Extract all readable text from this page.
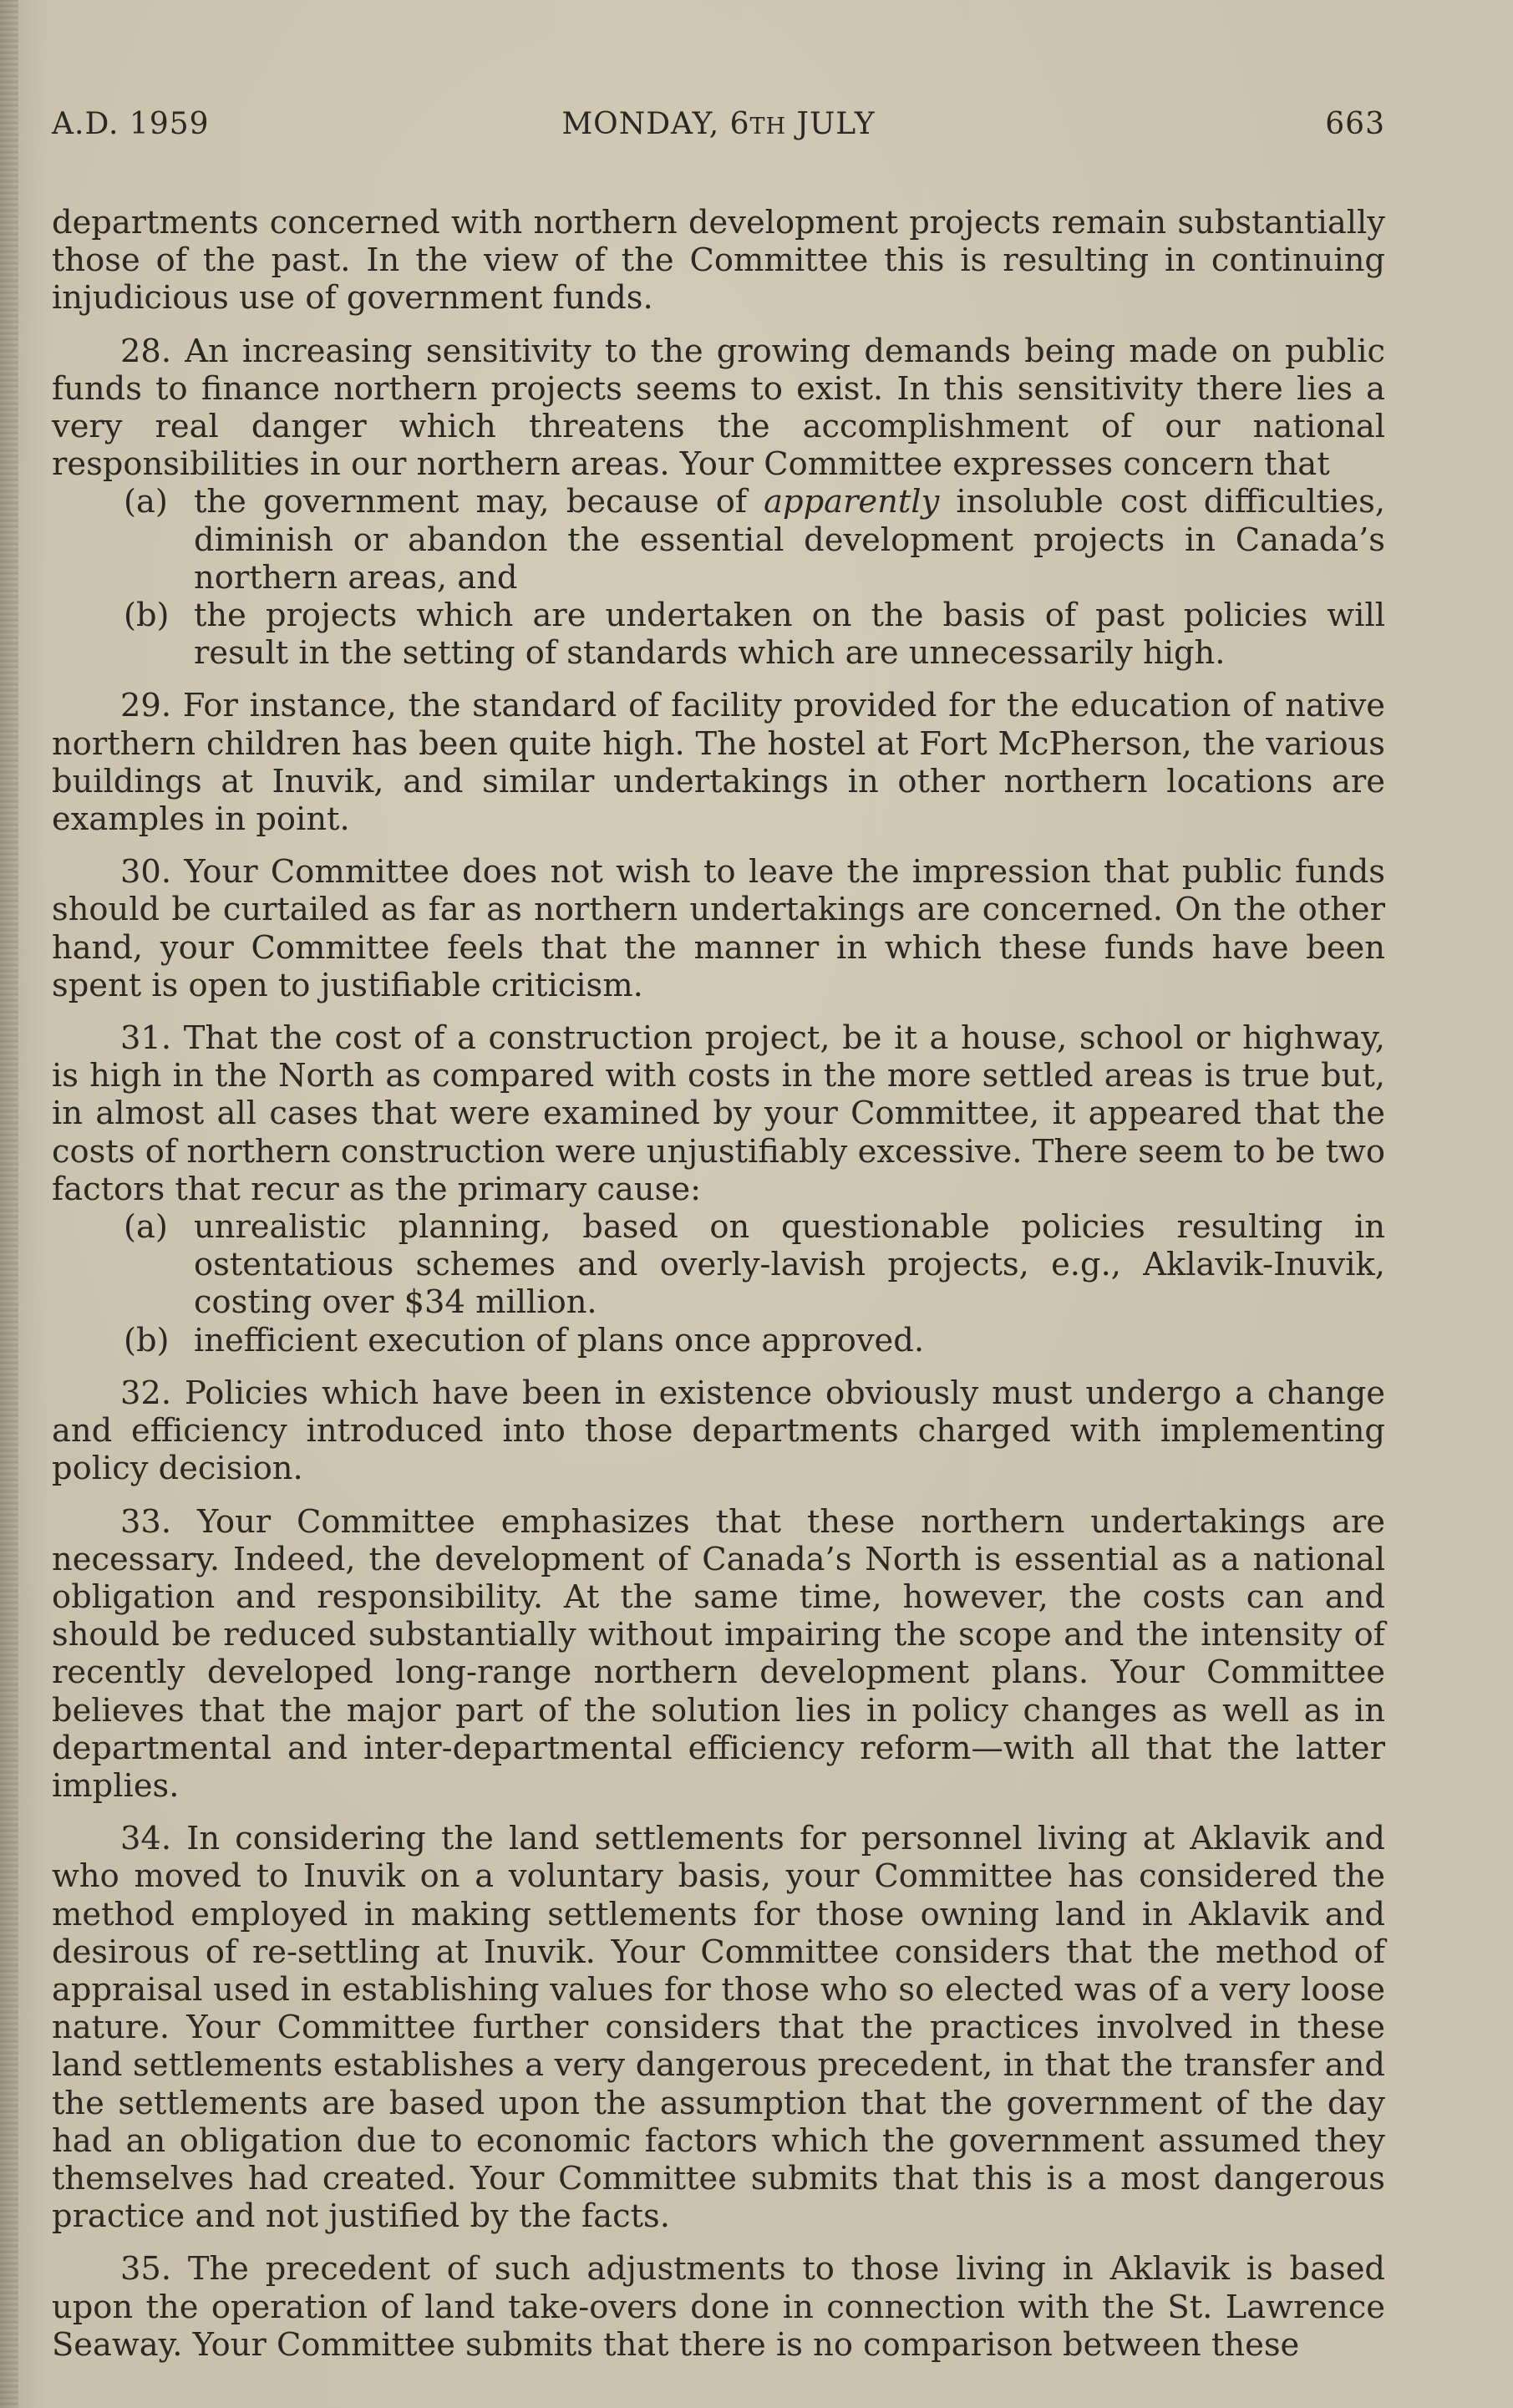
A.D. 1959	MONDAY, 6TH JULY	663

departments concerned with northern development projects remain substantially those of the past. In the view of the Committee this is resulting in continuing injudicious use of government funds.

28. An increasing sensitivity to the growing demands being made on public funds to finance northern projects seems to exist. In this sensitivity there lies a very real danger which threatens the accomplishment of our national responsibilities in our northern areas. Your Committee expresses concern that

(a) the government may, because of apparently insoluble cost difficulties, diminish or abandon the essential development projects in Canada’s northern areas, and
(b) the projects which are undertaken on the basis of past policies will result in the setting of standards which are unnecessarily high.

29. For instance, the standard of facility provided for the education of native northern children has been quite high. The hostel at Fort McPherson, the various buildings at Inuvik, and similar undertakings in other northern locations are examples in point.

30. Your Committee does not wish to leave the impression that public funds should be curtailed as far as northern undertakings are concerned. On the other hand, your Committee feels that the manner in which these funds have been spent is open to justifiable criticism.

31. That the cost of a construction project, be it a house, school or highway, is high in the North as compared with costs in the more settled areas is true but, in almost all cases that were examined by your Committee, it appeared that the costs of northern construction were unjustifiably excessive. There seem to be two factors that recur as the primary cause:

(a) unrealistic planning, based on questionable policies resulting in ostentatious schemes and overly-lavish projects, e.g., Aklavik-Inuvik, costing over $34 million.
(b) inefficient execution of plans once approved.

32. Policies which have been in existence obviously must undergo a change and efficiency introduced into those departments charged with implementing policy decision.

33. Your Committee emphasizes that these northern undertakings are necessary. Indeed, the development of Canada’s North is essential as a national obligation and responsibility. At the same time, however, the costs can and should be reduced substantially without impairing the scope and the intensity of recently developed long-range northern development plans. Your Committee believes that the major part of the solution lies in policy changes as well as in departmental and inter-departmental efficiency reform—with all that the latter implies.

34. In considering the land settlements for personnel living at Aklavik and who moved to Inuvik on a voluntary basis, your Committee has considered the method employed in making settlements for those owning land in Aklavik and desirous of re-settling at Inuvik. Your Committee considers that the method of appraisal used in establishing values for those who so elected was of a very loose nature. Your Committee further considers that the practices involved in these land settlements establishes a very dangerous precedent, in that the transfer and the settlements are based upon the assumption that the government of the day had an obligation due to economic factors which the government assumed they themselves had created. Your Committee submits that this is a most dangerous practice and not justified by the facts.

35. The precedent of such adjustments to those living in Aklavik is based upon the operation of land take-overs done in connection with the St. Lawrence Seaway. Your Committee submits that there is no comparison between these
